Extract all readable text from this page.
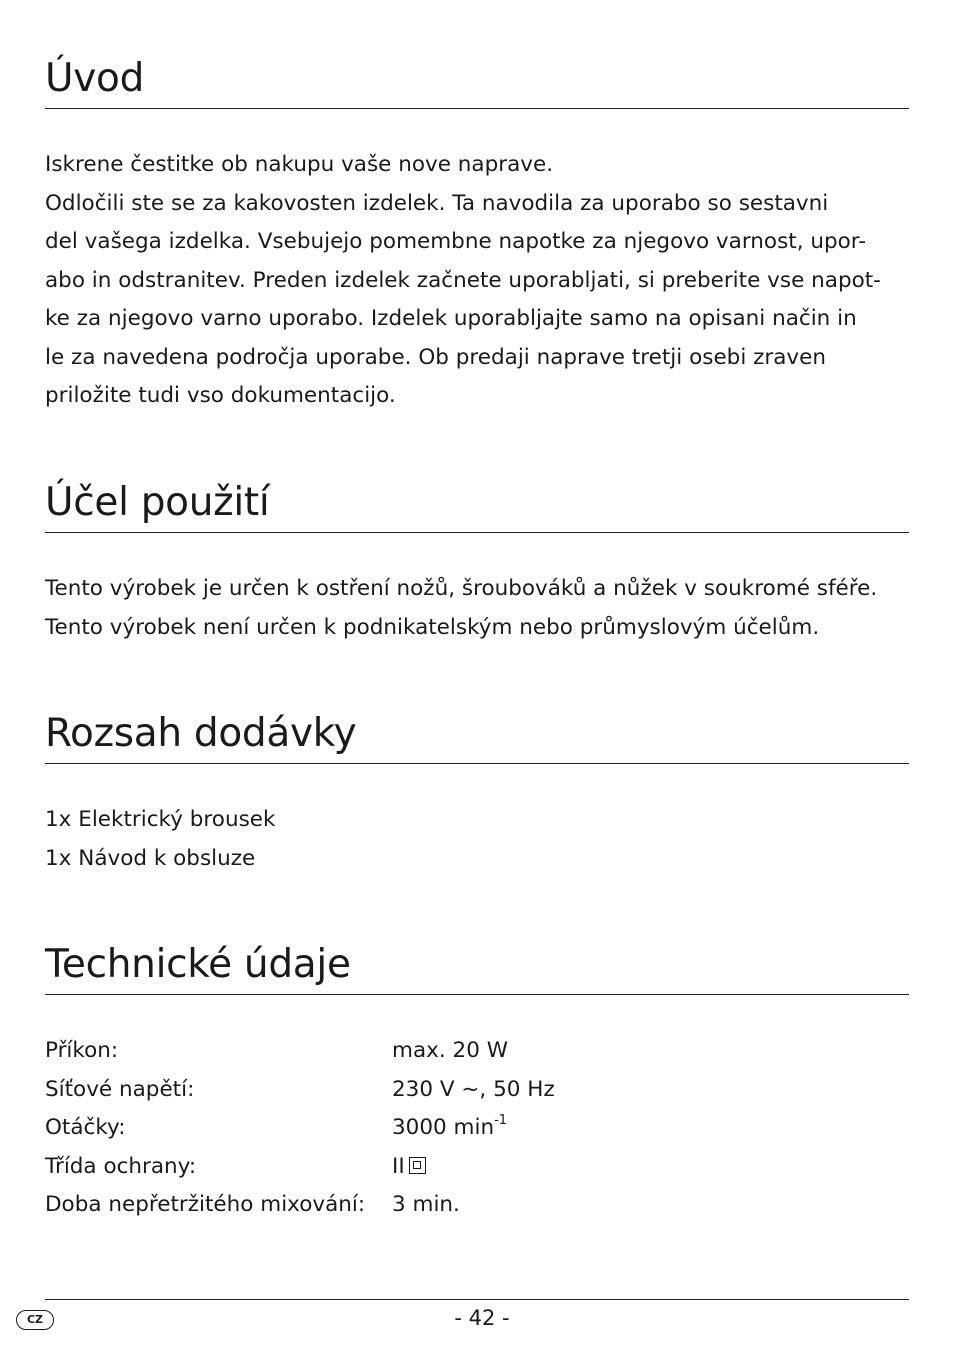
Úvod
Iskrene čestitke ob nakupu vaše nove naprave.
Odločili ste se za kakovosten izdelek. Ta navodila za uporabo so sestavni
del vašega izdelka. Vsebujejo pomembne napotke za njegovo varnost, upor-
abo in odstranitev. Preden izdelek začnete uporabljati, si preberite vse napot-
ke za njegovo varno uporabo. Izdelek uporabljajte samo na opisani način in
le za navedena področja uporabe. Ob predaji naprave tretji osebi zraven
priložite tudi vso dokumentacijo.
Účel použití
Tento výrobek je určen k ostření nožů, šroubováků a nůžek v soukromé sféře.
Tento výrobek není určen k podnikatelským nebo průmyslovým účelům.
Rozsah dodávky
1x Elektrický brousek
1x Návod k obsluze
Technické údaje
Příkon:	max. 20 W
Síťové napětí:	230 V ~, 50 Hz
Otáčky:	3000 $\min^{-1}$
Třída ochrany:	II
Doba nepřetržitého mixování:	3 min.
CZ	- 42 -
